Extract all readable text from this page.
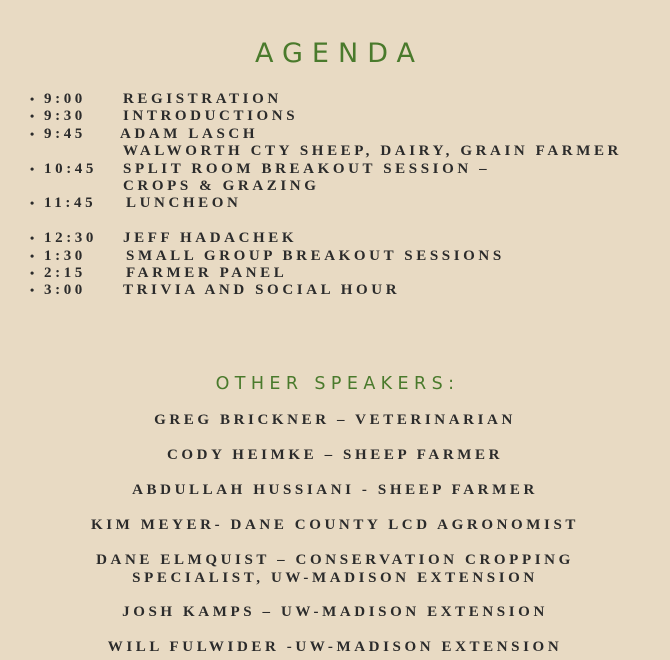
AGENDA
• 9:00 REGISTRATION
• 9:30 INTRODUCTIONS
• 9:45 ADAM LASCH
WALWORTH CTY SHEEP, DAIRY, GRAIN FARMER
• 10:45 SPLIT ROOM BREAKOUT SESSION –
CROPS & GRAZING
• 11:45 LUNCHEON
• 12:30 JEFF HADACHEK
• 1:30	SMALL GROUP BREAKOUT SESSIONS
• 2:15	FARMER PANEL
• 3:00 TRIVIA AND SOCIAL HOUR
OTHER SPEAKERS:
GREG BRICKNER – VETERINARIAN
CODY HEIMKE – SHEEP FARMER
ABDULLAH HUSSIANI - SHEEP FARMER
KIM MEYER- DANE COUNTY LCD AGRONOMIST
DANE ELMQUIST – CONSERVATION CROPPING
SPECIALIST, UW-MADISON EXTENSION
JOSH KAMPS – UW-MADISON EXTENSION
WILL FULWIDER -UW-MADISON EXTENSION
